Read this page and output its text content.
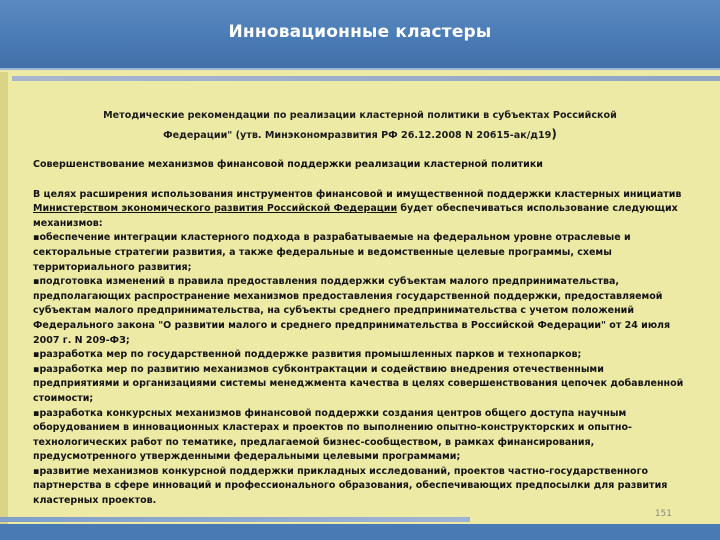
Инновационные кластеры
Методические рекомендации по реализации кластерной политики в субъектах Российской
Федерации" (утв. Минэкономразвития РФ 26.12.2008 N 20615-ак/д19)

Совершенствование механизмов финансовой поддержки реализации кластерной политики

В целях расширения использования инструментов финансовой и имущественной поддержки кластерных инициатив Министерством экономического развития Российской Федерации будет обеспечиваться использование следующих механизмов:

▪обеспечение интеграции кластерного подхода в разрабатываемые на федеральном уровне отраслевые и секторальные стратегии развития, а также федеральные и ведомственные целевые программы, схемы территориального развития;

▪подготовка изменений в правила предоставления поддержки субъектам малого предпринимательства, предполагающих распространение механизмов предоставления государственной поддержки, предоставляемой субъектам малого предпринимательства, на субъекты среднего предпринимательства с учетом положений Федерального закона "О развитии малого и среднего предпринимательства в Российской Федерации" от 24 июля 2007 г. N 209-ФЗ;

▪разработка мер по государственной поддержке развития промышленных парков и технопарков;

▪разработка мер по развитию механизмов субконтрактации и содействию внедрения отечественными предприятиями и организациями системы менеджмента качества в целях совершенствования цепочек добавленной стоимости;

▪разработка конкурсных механизмов финансовой поддержки создания центров общего доступа научным оборудованием в инновационных кластерах и проектов по выполнению опытно-конструкторских и опытно-технологических работ по тематике, предлагаемой бизнес-сообществом, в рамках финансирования, предусмотренного утвержденными федеральными целевыми программами;

▪развитие механизмов конкурсной поддержки прикладных исследований, проектов частно-государственного партнерства в сфере инноваций и профессионального образования, обеспечивающих предпосылки для развития кластерных проектов.

151
